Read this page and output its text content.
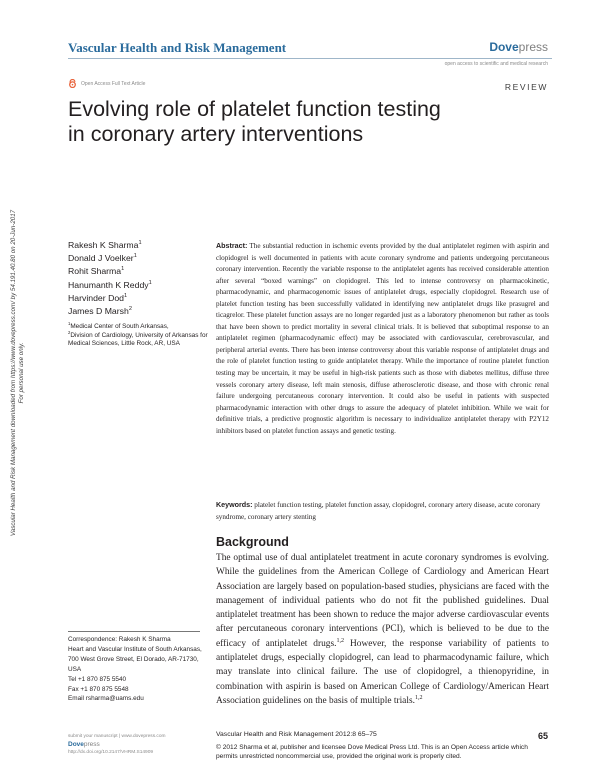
Vascular Health and Risk Management	Dovepress
open access to scientific and medical research
Open Access Full Text Article	REVIEW
Evolving role of platelet function testing
in coronary artery interventions
Vascular Health and Risk Management downloaded from https://www.dovepress.com/ by 54.191.40.80 on 20-Jun-2017 For personal use only.
Rakesh K Sharma$^1$
Donald J Voelker$^1$
Rohit Sharma$^1$
Hanumanth K Reddy$^1$
Harvinder Dod$^1$
James D Marsh$^2$
$^1$Medical Center of South Arkansas,
$^2$Division of Cardiology, University of Arkansas for Medical Sciences, Little Rock, AR, USA

Abstract: The substantial reduction in ischemic events provided by the dual antiplatelet regimen with aspirin and clopidogrel is well documented in patients with acute coronary syndrome and patients undergoing percutaneous coronary intervention. Recently the variable response to the antiplatelet agents has received considerable attention after several “boxed warnings” on clopidogrel. This led to intense controversy on pharmacokinetic, pharmacodynamic, and pharmacogenomic issues of antiplatelet drugs, especially clopidogrel. Research use of platelet function testing has been successfully validated in identifying new antiplatelet drugs like prasugrel and ticagrelor. These platelet function assays are no longer regarded just as a laboratory phenomenon but rather as tools that have been shown to predict mortality in several clinical trials. It is believed that suboptimal response to an antiplatelet regimen (pharmacodynamic effect) may be associated with cardiovascular, cerebrovascular, and peripheral arterial events. There has been intense controversy about this variable response of antiplatelet drugs and the role of platelet function testing to guide antiplatelet therapy. While the importance of routine platelet function testing may be uncertain, it may be useful in high-risk patients such as those with diabetes mellitus, diffuse three vessels coronary artery disease, left main stenosis, diffuse atherosclerotic disease, and those with chronic renal failure undergoing percutaneous coronary intervention. It could also be useful in patients with suspected pharmacodynamic interaction with other drugs to assure the adequacy of platelet inhibition. While we wait for definitive trials, a predictive prognostic algorithm is necessary to individualize antiplatelet therapy with P2Y12 inhibitors based on platelet function assays and genetic testing.

Keywords: platelet function testing, platelet function assay, clopidogrel, coronary artery disease, acute coronary syndrome, coronary artery stenting

Background

The optimal use of dual antiplatelet treatment in acute coronary syndromes is evolving. While the guidelines from the American College of Cardiology and American Heart Association are largely based on population-based studies, physicians are faced with the management of individual patients who do not fit the published guidelines. Dual antiplatelet treatment has been shown to reduce the major adverse cardiovascular events after percutaneous coronary interventions (PCI), which is believed to be due to the efficacy of antiplatelet drugs.$^{1,2}$ However, the response variability of patients to antiplatelet drugs, especially clopidogrel, can lead to pharmacodynamic failure, which may translate into clinical failure. The use of clopidogrel, a thienopyridine, in combination with aspirin is based on American College of Cardiology/American Heart Association guidelines on the basis of multiple trials.$^{1,2}$

Correspondence: Rakesh K Sharma
Heart and Vascular Institute of South Arkansas, 700 West Grove Street, El Dorado, AR-71730, USA
Tel +1 870 875 5540
Fax +1 870 875 5548
Email rsharma@uams.edu
submit your manuscript | www.dovepress.com
Dovepress
http://dx.doi.org/10.2147/VHRM.S14909
Vascular Health and Risk Management 2012:8 65–75	65
© 2012 Sharma et al, publisher and licensee Dove Medical Press Ltd. This is an Open Access article which permits unrestricted noncommercial use, provided the original work is properly cited.
